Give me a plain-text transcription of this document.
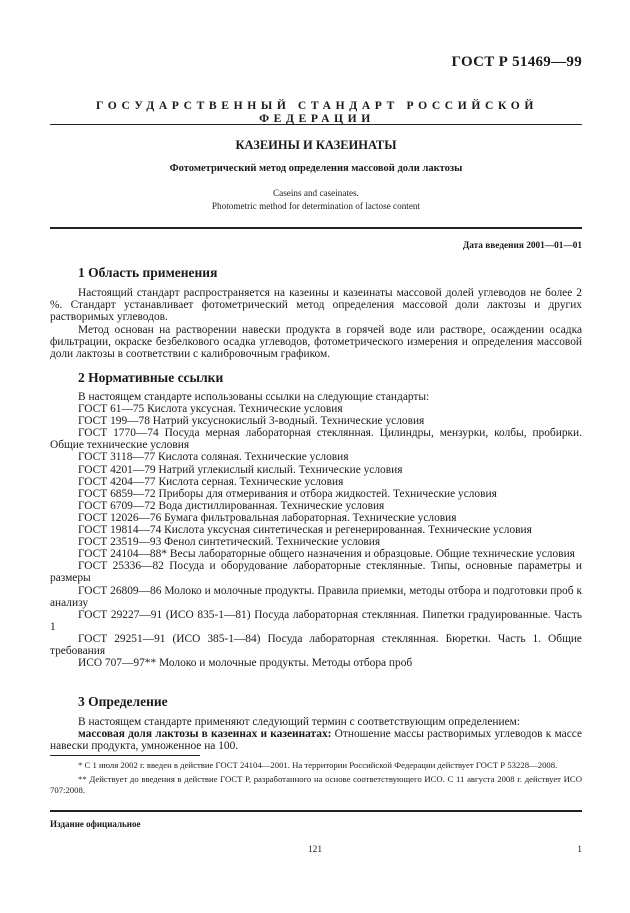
ГОСТ Р 51469—99
ГОСУДАРСТВЕННЫЙ СТАНДАРТ РОССИЙСКОЙ ФЕДЕРАЦИИ
КАЗЕИНЫ И КАЗЕИНАТЫ
Фотометрический метод определения массовой доли лактозы
Caseins and caseinates.
Photometric method for determination of lactose content
Дата введения 2001—01—01
1 Область применения

Настоящий стандарт распространяется на казеины и казеинаты массовой долей углеводов не более 2 %. Стандарт устанавливает фотометрический метод определения массовой доли лактозы и других растворимых углеводов.

Метод основан на растворении навески продукта в горячей воде или растворе, осаждении осадка фильтрации, окраске безбелкового осадка углеводов, фотометрического измерения и определения массовой доли лактозы в соответствии с калибровочным графиком.

2 Нормативные ссылки
В настоящем стандарте использованы ссылки на следующие стандарты:
ГОСТ 61—75 Кислота уксусная. Технические условия
ГОСТ 199—78 Натрий уксуснокислый 3-водный. Технические условия
ГОСТ 1770—74 Посуда мерная лабораторная стеклянная. Цилиндры, мензурки, колбы, пробирки. Общие технические условия
ГОСТ 3118—77 Кислота соляная. Технические условия
ГОСТ 4201—79 Натрий углекислый кислый. Технические условия
ГОСТ 4204—77 Кислота серная. Технические условия
ГОСТ 6859—72 Приборы для отмеривания и отбора жидкостей. Технические условия
ГОСТ 6709—72 Вода дистиллированная. Технические условия
ГОСТ 12026—76 Бумага фильтровальная лабораторная. Технические условия
ГОСТ 19814—74 Кислота уксусная синтетическая и регенерированная. Технические условия
ГОСТ 23519—93 Фенол синтетический. Технические условия
ГОСТ 24104—88* Весы лабораторные общего назначения и образцовые. Общие технические условия
ГОСТ 25336—82 Посуда и оборудование лабораторные стеклянные. Типы, основные параметры и размеры
ГОСТ 26809—86 Молоко и молочные продукты. Правила приемки, методы отбора и подготовки проб к анализу
ГОСТ 29227—91 (ИСО 835-1—81) Посуда лабораторная стеклянная. Пипетки градуированные. Часть 1
ГОСТ 29251—91 (ИСО 385-1—84) Посуда лабораторная стеклянная. Бюретки. Часть 1. Общие требования
ИСО 707—97** Молоко и молочные продукты. Методы отбора проб
3 Определение

В настоящем стандарте применяют следующий термин с соответствующим определением:

массовая доля лактозы в казеинах и казеинатах: Отношение массы растворимых углеводов к массе навески продукта, умноженное на 100.

* С 1 июля 2002 г. введен в действие ГОСТ 24104—2001. На территории Российской Федерации действует ГОСТ Р 53228—2008.

** Действует до введения в действие ГОСТ Р, разработанного на основе соответствующего ИСО. С 11 августа 2008 г. действует ИСО 707:2008.

Издание официальное
121	1
